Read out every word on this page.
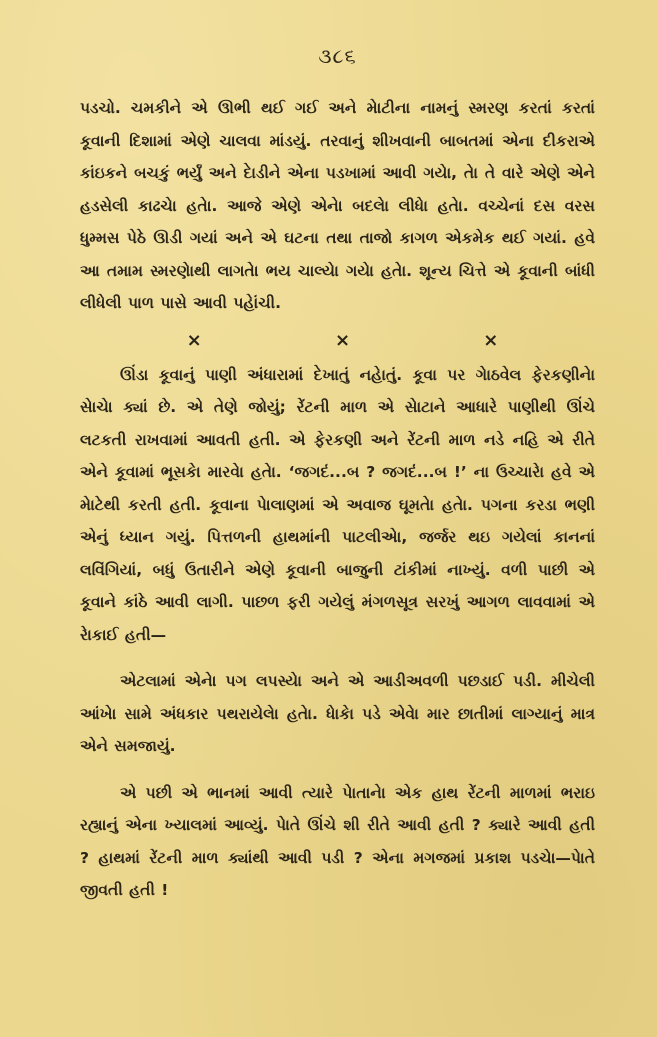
૩૮૬

પડચો. ચમકીને એ ઊભી થઈ ગઈ અને મેાટીના નામનું સ્મરણ કરતાં કરતાં કૂવાની દિશામાં એણે ચાલવા માંડયું. તરવાનું શીખવાની બાબતમાં એના દીકરાએ કાંઇકને બચકું ભર્યું અને દેાડીને એના પડખામાં આવી ગયેા, તેા તે વારે એણે એને હડસેલી કાઢચેા હતેા. આજે એણે એનેા બદલેા લીધેા હતેા. વચ્ચેનાં દસ વરસ ધુમ્મસ પેઠે ઊડી ગયાં અને એ ઘટના તથા તાજો કાગળ એકમેક થઈ ગયાં. હવે આ તમામ સ્મરણેાથી લાગતેા ભય ચાલ્યેા ગયેા હતેા. શૂન્ય ચિત્તે એ કૂવાની બાંધી લીધેલી પાળ પાસે આવી પહેાંચી.

×	×	×

ઊંડા કૂવાનું પાણી અંધારામાં દેખાતું નહેાતું. કૂવા પર ગેાઠવેલ ફેરકણીનેા સેાચેા ક્યાં છે. એ તેણે જોયું; રેંટની માળ એ સેાટાને આધારે પાણીથી ઊંચે લટકતી રાખવામાં આવતી હતી. એ ફેરકણી અને રેંટની માળ નડે નહિ એ રીતે એને કૂવામાં ભૂસકેા મારવેા હતેા. ‘જગદં...બ ? જગદં...બ !’ ના ઉચ્ચારેા હવે એ મેાટેથી કરતી હતી. કૂવાના પેાલાણમાં એ અવાજ ઘૂમતેા હતેા. પગના કરડા ભણી એનું ધ્યાન ગયું. પિત્તળની હાથમાંની પાટલીએા, જર્જર થઇ ગયેલાં કાનનાં લવિંગિયાં, બધું ઉતારીને એણે કૂવાની બાજુની ટાંકીમાં નાખ્યું. વળી પાછી એ કૂવાને કાંઠે આવી લાગી. પાછળ ફરી ગયેલું મંગળસૂત્ર સરખું આગળ લાવવામાં એ રેાકાઈ હતી—

એટલામાં એનેા પગ લપસ્યેા અને એ આડીઅવળી પછડાઈ પડી. મીચેલી આંખેા સામે અંધકાર પથરાયેલેા હતેા. ધેાકેા પડે એવેા માર છાતીમાં લાગ્યાનું માત્ર એને સમજાયું.

એ પછી એ ભાનમાં આવી ત્યારે પેાતાનેા એક હાથ રેંટની માળમાં ભરાઇ રહ્યાનું એના ખ્યાલમાં આવ્યું. પેાતે ઊંચે શી રીતે આવી હતી ? ક્યારે આવી હતી ? હાથમાં રેંટની માળ ક્યાંથી આવી પડી ? એના મગજમાં પ્રકાશ પડચેા—પેાતે જીવતી હતી !
